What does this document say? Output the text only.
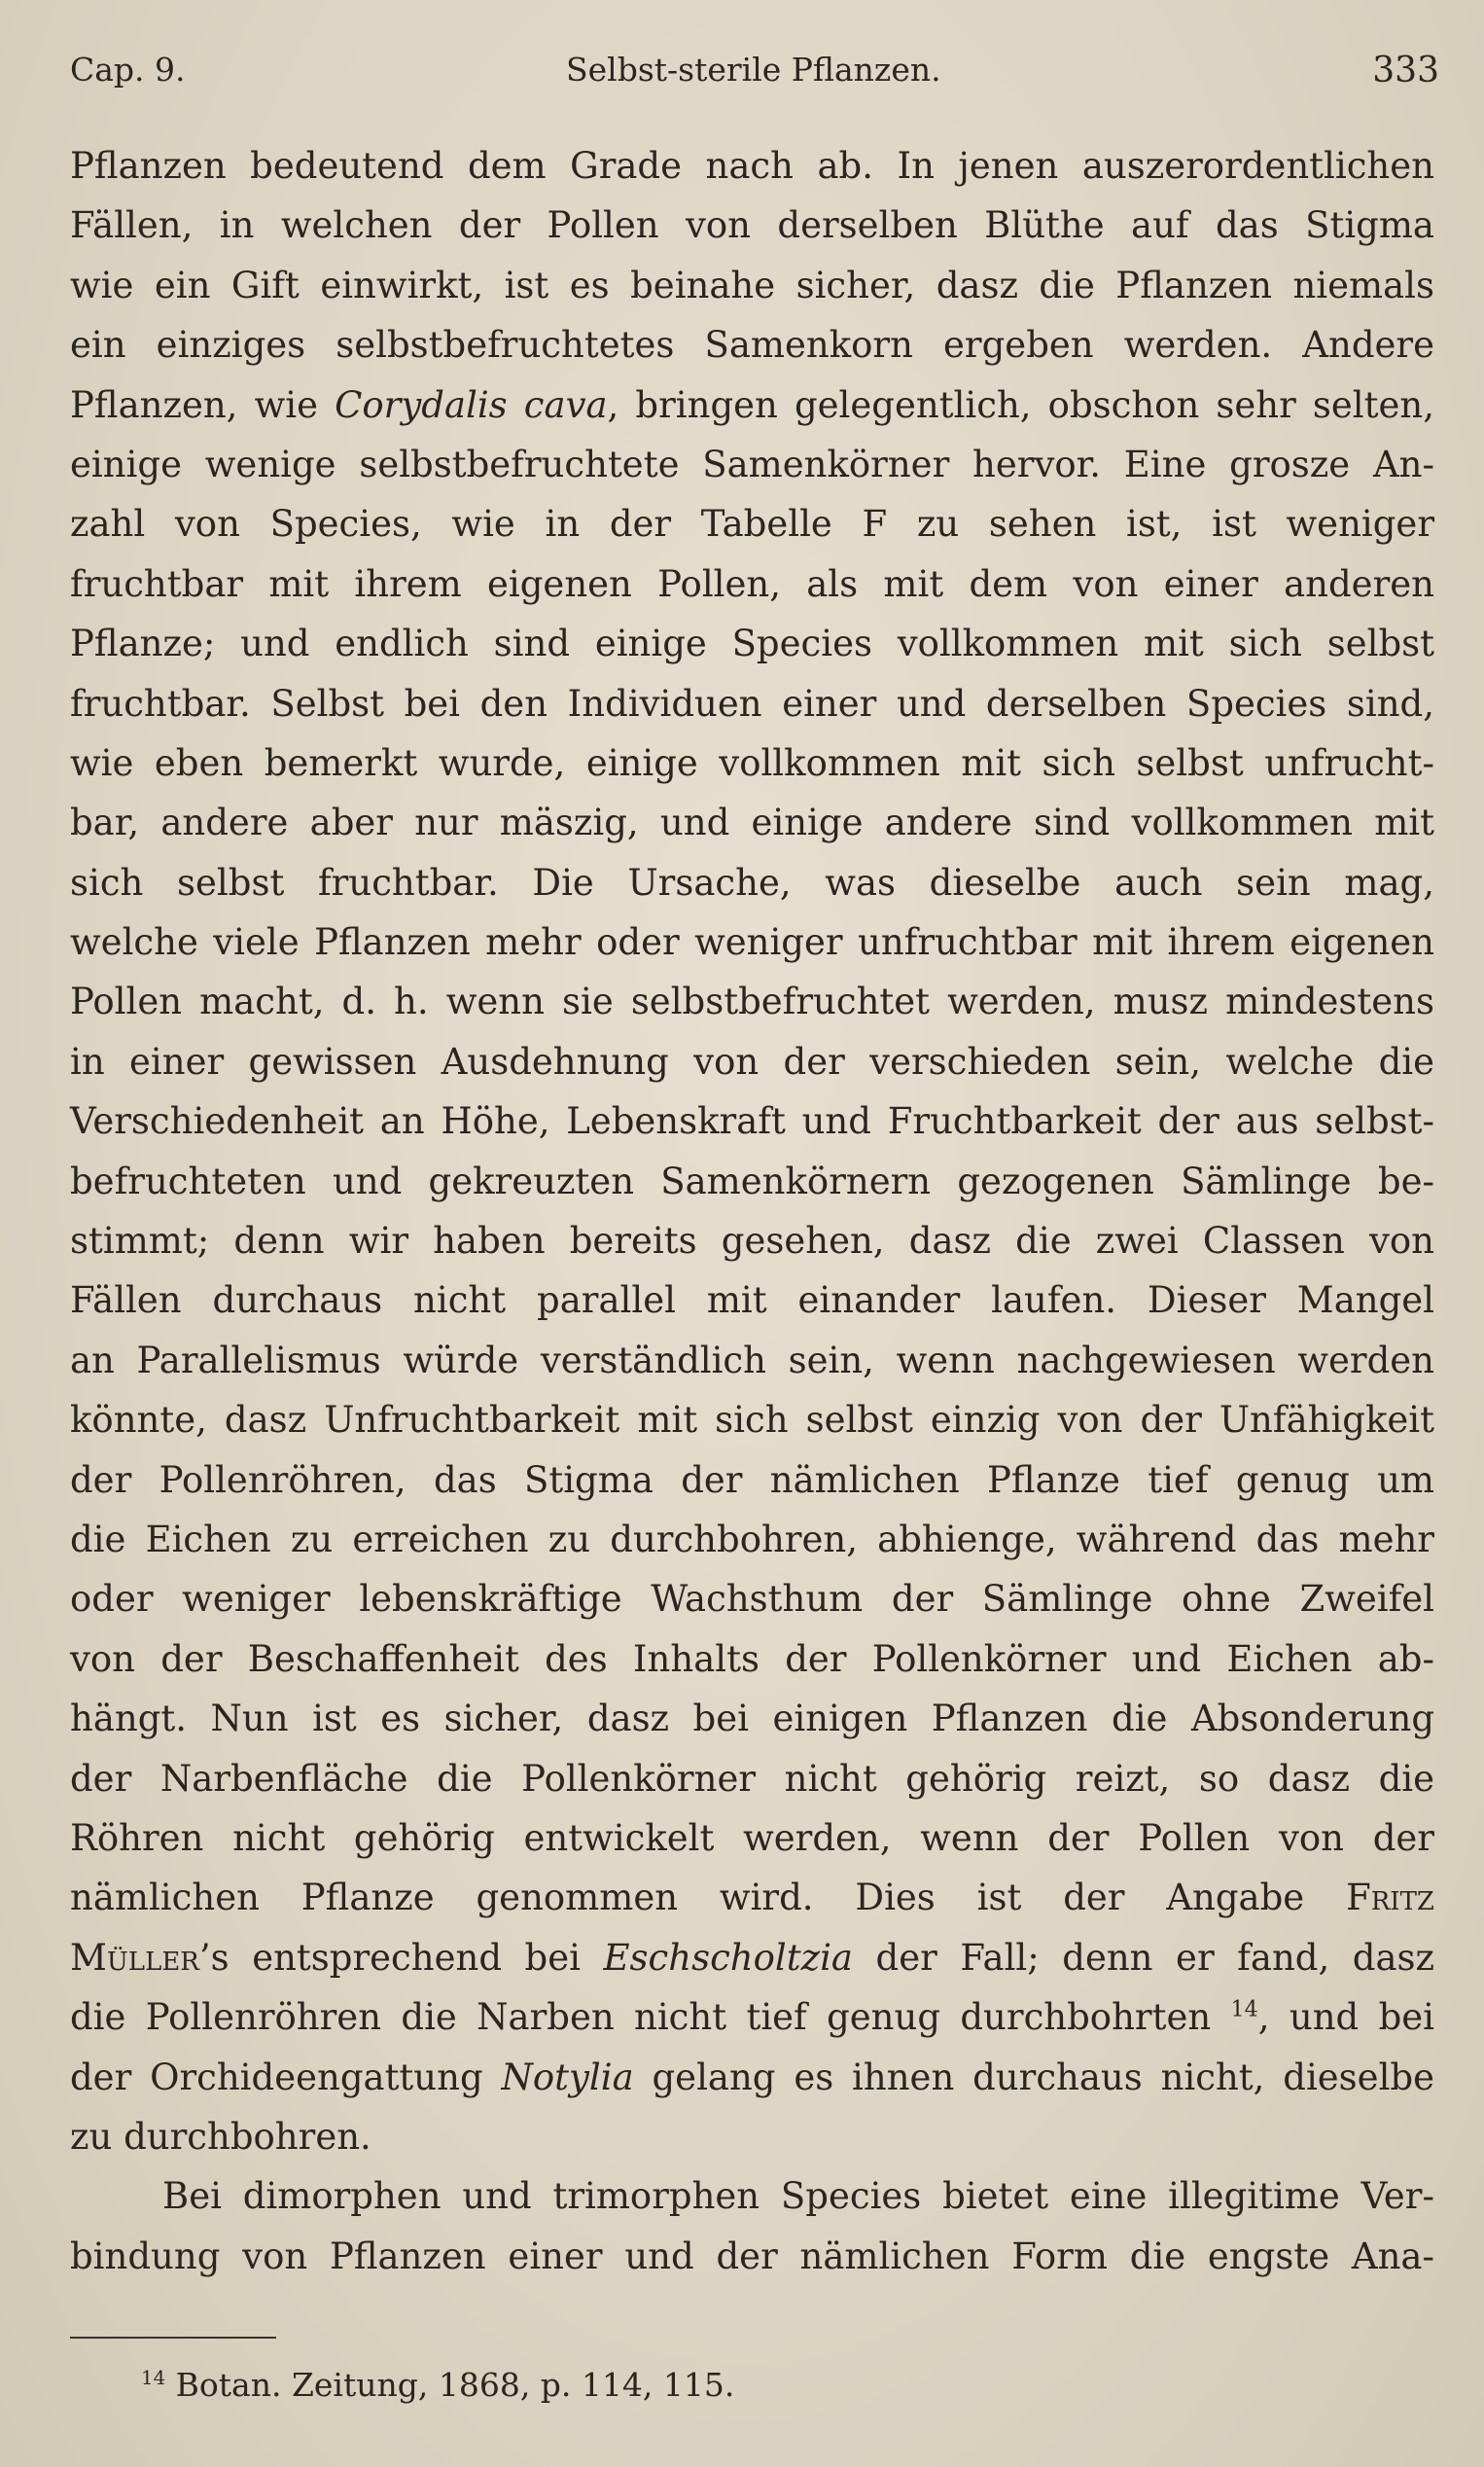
Cap. 9.	Selbst-sterile Pflanzen.	333
Pflanzen bedeutend dem Grade nach ab. In jenen auszerordentlichen
Fällen, in welchen der Pollen von derselben Blüthe auf das Stigma
wie ein Gift einwirkt, ist es beinahe sicher, dasz die Pflanzen niemals
ein einziges selbstbefruchtetes Samenkorn ergeben werden. Andere
Pflanzen, wie Corydalis cava, bringen gelegentlich, obschon sehr selten,
einige wenige selbstbefruchtete Samenkörner hervor. Eine grosze An-
zahl von Species, wie in der Tabelle F zu sehen ist, ist weniger
fruchtbar mit ihrem eigenen Pollen, als mit dem von einer anderen
Pflanze; und endlich sind einige Species vollkommen mit sich selbst
fruchtbar. Selbst bei den Individuen einer und derselben Species sind,
wie eben bemerkt wurde, einige vollkommen mit sich selbst unfrucht-
bar, andere aber nur mäszig, und einige andere sind vollkommen mit
sich selbst fruchtbar. Die Ursache, was dieselbe auch sein mag,
welche viele Pflanzen mehr oder weniger unfruchtbar mit ihrem eigenen
Pollen macht, d. h. wenn sie selbstbefruchtet werden, musz mindestens
in einer gewissen Ausdehnung von der verschieden sein, welche die
Verschiedenheit an Höhe, Lebenskraft und Fruchtbarkeit der aus selbst-
befruchteten und gekreuzten Samenkörnern gezogenen Sämlinge be-
stimmt; denn wir haben bereits gesehen, dasz die zwei Classen von
Fällen durchaus nicht parallel mit einander laufen. Dieser Mangel
an Parallelismus würde verständlich sein, wenn nachgewiesen werden
könnte, dasz Unfruchtbarkeit mit sich selbst einzig von der Unfähigkeit
der Pollenröhren, das Stigma der nämlichen Pflanze tief genug um
die Eichen zu erreichen zu durchbohren, abhienge, während das mehr
oder weniger lebenskräftige Wachsthum der Sämlinge ohne Zweifel
von der Beschaffenheit des Inhalts der Pollenkörner und Eichen ab-
hängt. Nun ist es sicher, dasz bei einigen Pflanzen die Absonderung
der Narbenfläche die Pollenkörner nicht gehörig reizt, so dasz die
Röhren nicht gehörig entwickelt werden, wenn der Pollen von der
nämlichen Pflanze genommen wird. Dies ist der Angabe Fritz
Müller’s entsprechend bei Eschscholtzia der Fall; denn er fand, dasz
die Pollenröhren die Narben nicht tief genug durchbohrten $^{14}$, und bei
der Orchideengattung Notylia gelang es ihnen durchaus nicht, dieselbe
zu durchbohren.
Bei dimorphen und trimorphen Species bietet eine illegitime Ver-
bindung von Pflanzen einer und der nämlichen Form die engste Ana-
$^{14}$ Botan. Zeitung, 1868, p. 114, 115.
